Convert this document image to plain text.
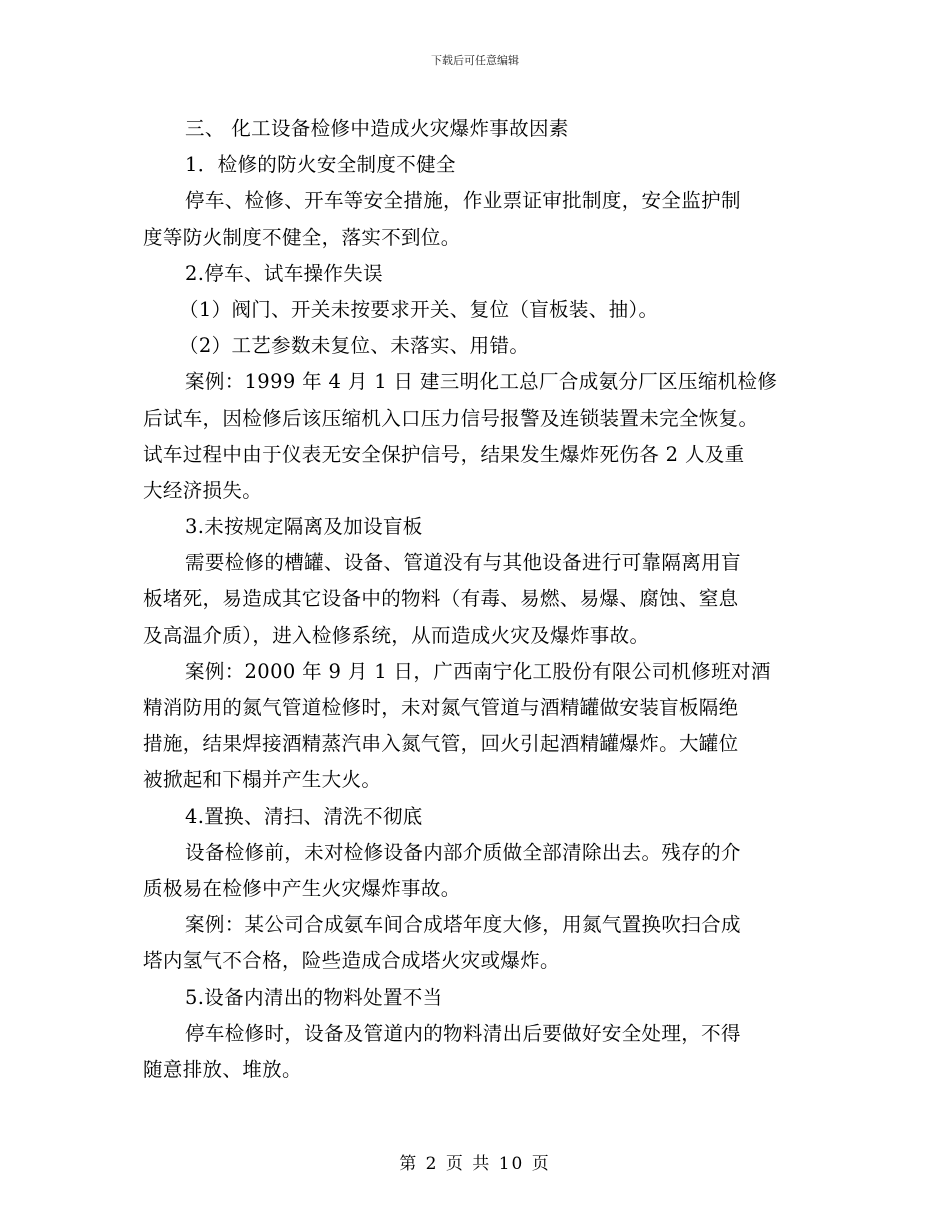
下载后可任意编辑
三、 化工设备检修中造成火灾爆炸事故因素
1．检修的防火安全制度不健全
停车、检修、开车等安全措施，作业票证审批制度，安全监护制
度等防火制度不健全，落实不到位。
2.停车、试车操作失误
（1）阀门、开关未按要求开关、复位（盲板装、抽）。
（2）工艺参数未复位、未落实、用错。
案例：1999 年 4 月 1 日 建三明化工总厂合成氨分厂区压缩机检修
后试车，因检修后该压缩机入口压力信号报警及连锁装置未完全恢复。
试车过程中由于仪表无安全保护信号，结果发生爆炸死伤各 2 人及重
大经济损失。
3.未按规定隔离及加设盲板
需要检修的槽罐、设备、管道没有与其他设备进行可靠隔离用盲
板堵死，易造成其它设备中的物料（有毒、易燃、易爆、腐蚀、窒息
及高温介质），进入检修系统，从而造成火灾及爆炸事故。
案例：2000 年 9 月 1 日，广西南宁化工股份有限公司机修班对酒
精消防用的氮气管道检修时，未对氮气管道与酒精罐做安装盲板隔绝
措施，结果焊接酒精蒸汽串入氮气管，回火引起酒精罐爆炸。大罐位
被掀起和下榻并产生大火。
4.置换、清扫、清洗不彻底
设备检修前，未对检修设备内部介质做全部清除出去。残存的介
质极易在检修中产生火灾爆炸事故。
案例：某公司合成氨车间合成塔年度大修，用氮气置换吹扫合成
塔内氢气不合格，险些造成合成塔火灾或爆炸。
5.设备内清出的物料处置不当
停车检修时，设备及管道内的物料清出后要做好安全处理，不得
随意排放、堆放。
第 2 页 共 10 页
